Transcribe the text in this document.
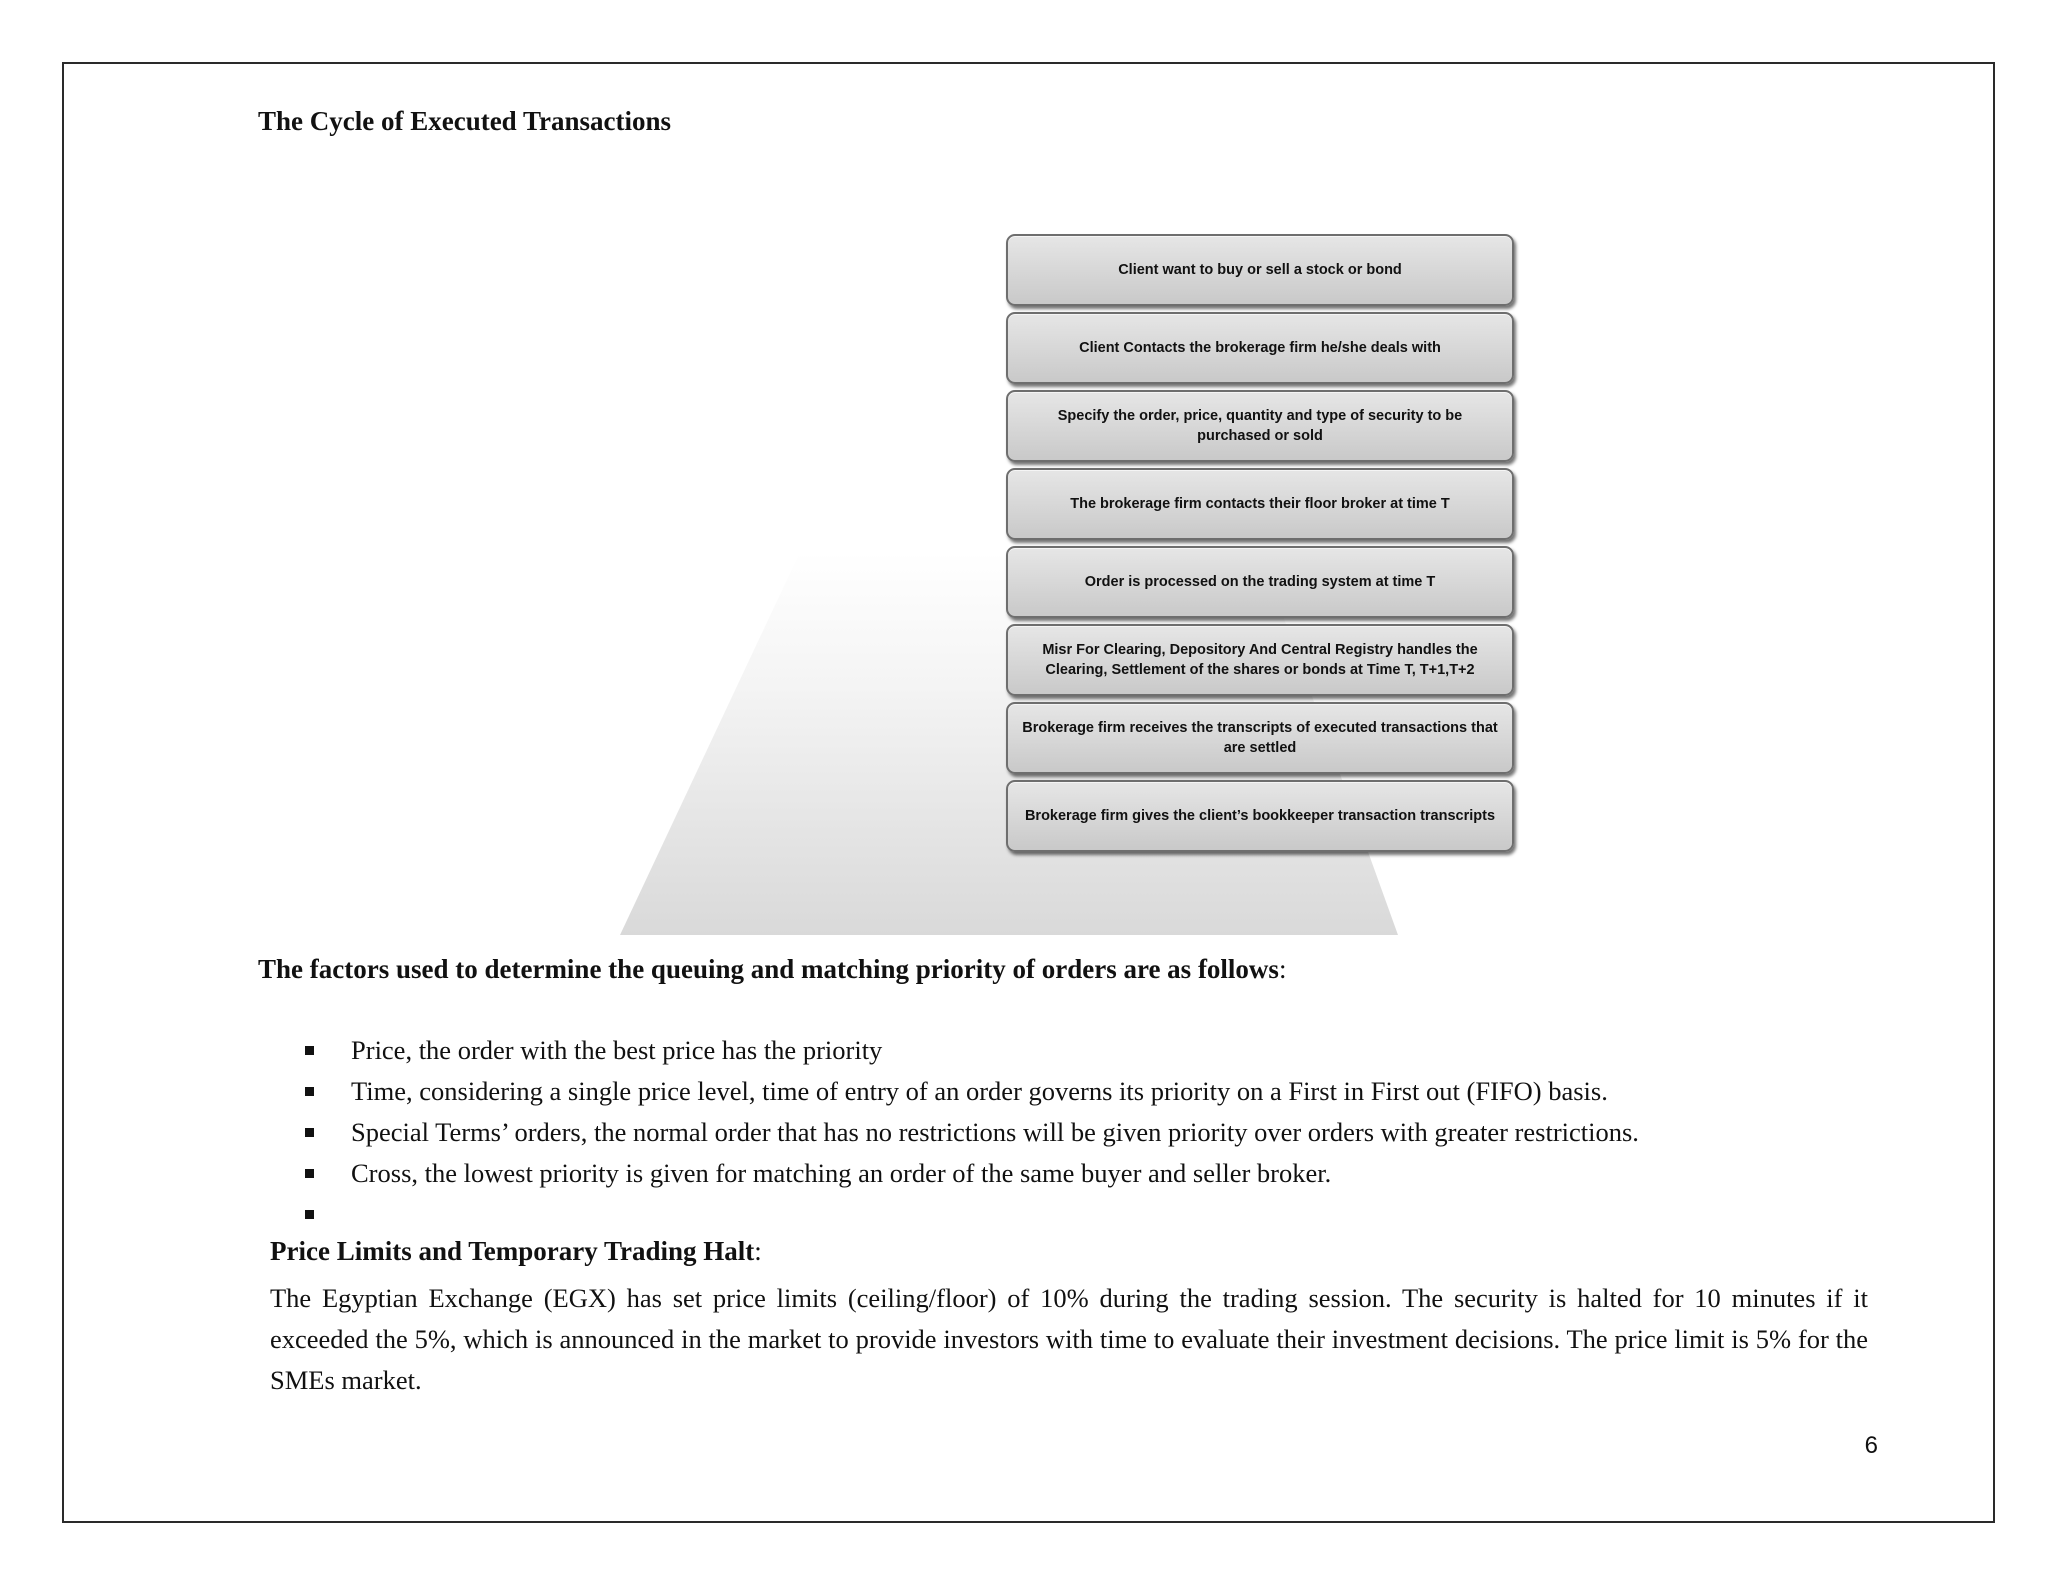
The Cycle of Executed Transactions
Client want to buy or sell a stock or bond
Client Contacts the brokerage firm he/she deals with
Specify the order, price, quantity and type of security to be purchased or sold
The brokerage firm contacts their floor broker at time T
Order is processed on the trading system at time T
Misr For Clearing, Depository And Central Registry handles the Clearing, Settlement of the shares or bonds at Time T, T+1,T+2
Brokerage firm receives the transcripts of executed transactions that are settled
Brokerage firm gives the client’s bookkeeper transaction transcripts

The factors used to determine the queuing and matching priority of orders are as follows:

Price, the order with the best price has the priority
Time, considering a single price level, time of entry of an order governs its priority on a First in First out (FIFO) basis.
Special Terms’ orders, the normal order that has no restrictions will be given priority over orders with greater restrictions.
Cross, the lowest priority is given for matching an order of the same buyer and seller broker.

Price Limits and Temporary Trading Halt:

The Egyptian Exchange (EGX) has set price limits (ceiling/floor) of 10% during the trading session. The security is halted for 10 minutes if it exceeded the 5%, which is announced in the market to provide investors with time to evaluate their investment decisions. The price limit is 5% for the SMEs market.

6
